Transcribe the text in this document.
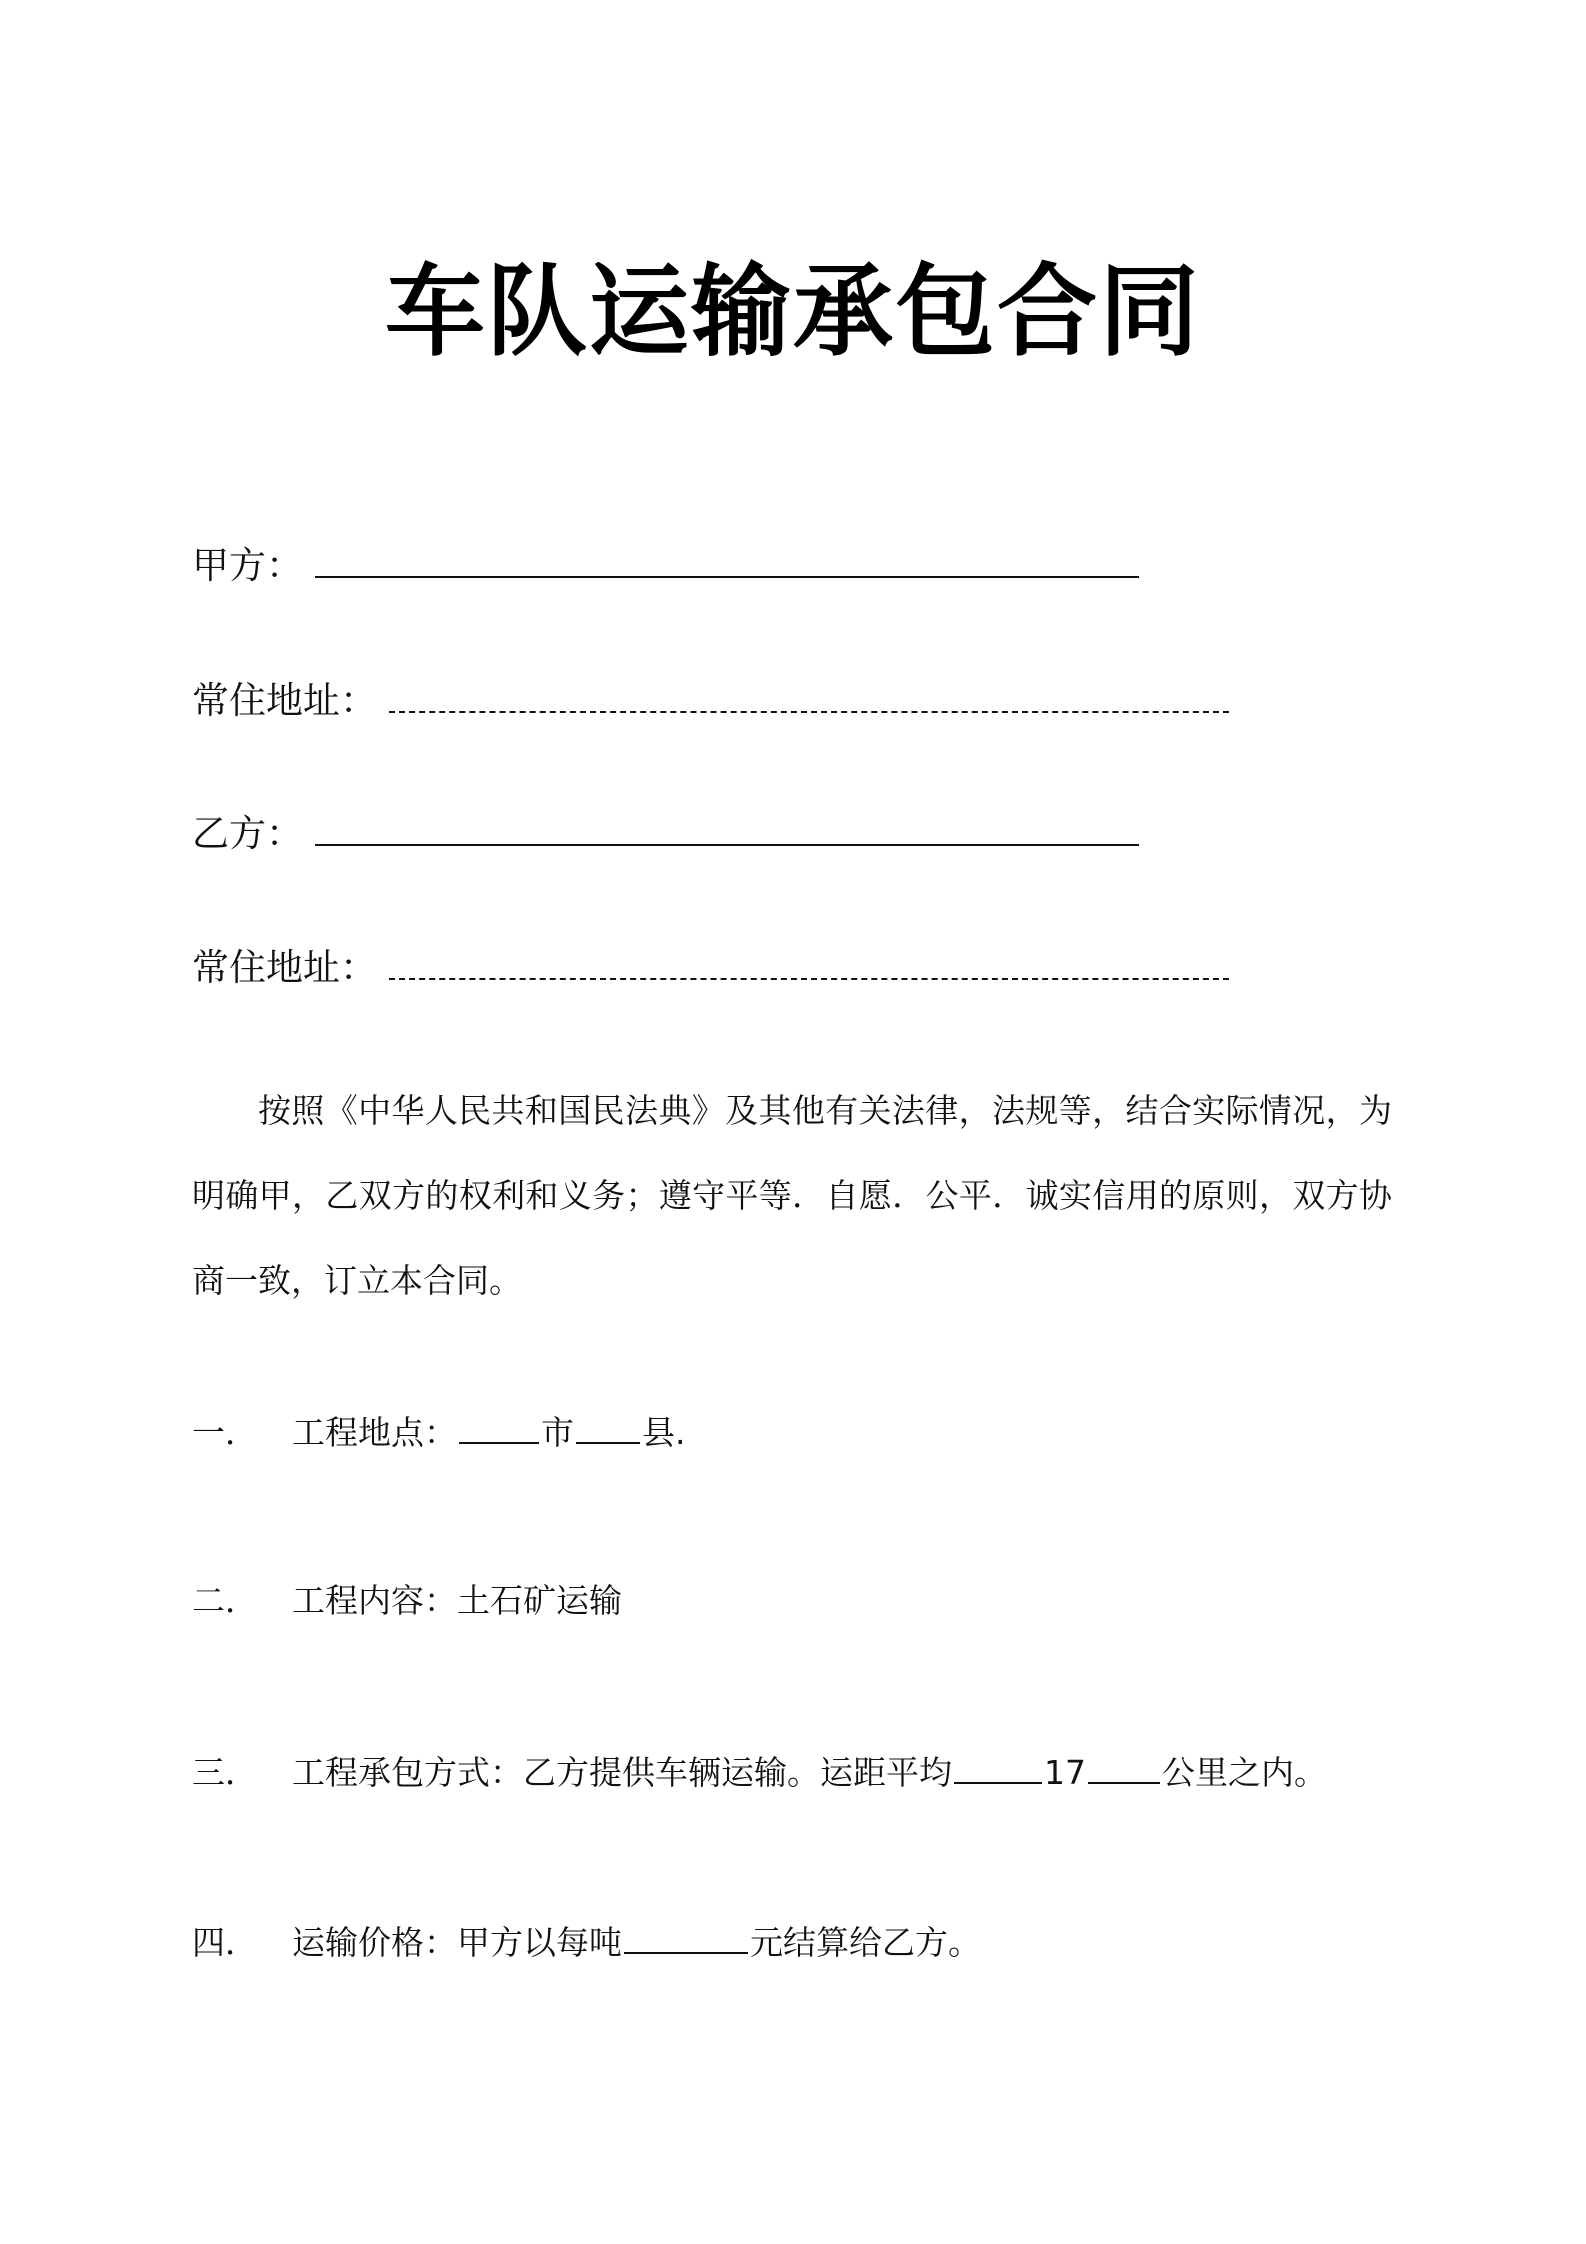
车队运输承包合同
甲方：
常住地址：
乙方：
常住地址：
按照《中华人民共和国民法典》及其他有关法律，法规等，结合实际情况，为明确甲，乙双方的权利和义务；遵守平等．自愿．公平．诚实信用的原则，双方协商一致，订立本合同。
一． 工程地点：	市 县.
二． 工程内容：土石矿运输
三． 工程承包方式：乙方提供车辆运输。运距平均	17 公里之内。
四． 运输价格：甲方以每吨	元结算给乙方。
